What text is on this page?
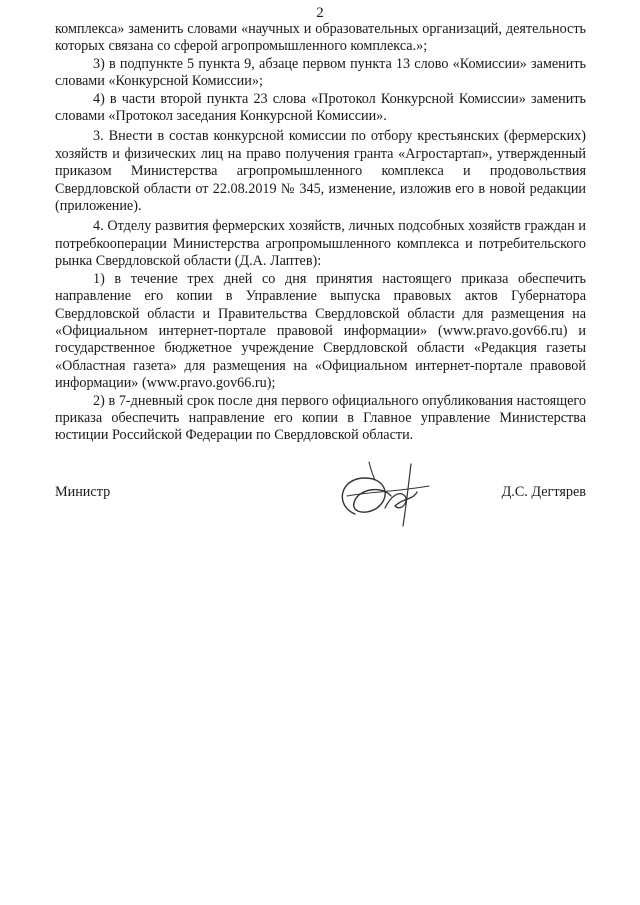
2

комплекса» заменить словами «научных и образовательных организаций, деятельность которых связана со сферой агропромышленного комплекса.»;

3) в подпункте 5 пункта 9, абзаце первом пункта 13 слово «Комиссии» заменить словами «Конкурсной Комиссии»;

4) в части второй пункта 23 слова «Протокол Конкурсной Комиссии» заменить словами «Протокол заседания Конкурсной Комиссии».

3. Внести в состав конкурсной комиссии по отбору крестьянских (фермерских) хозяйств и физических лиц на право получения гранта «Агростартап», утвержденный приказом Министерства агропромышленного комплекса и продовольствия Свердловской области от 22.08.2019 № 345, изменение, изложив его в новой редакции (приложение).

4. Отделу развития фермерских хозяйств, личных подсобных хозяйств граждан и потребкооперации Министерства агропромышленного комплекса и потребительского рынка Свердловской области (Д.А. Лаптев):

1) в течение трех дней со дня принятия настоящего приказа обеспечить направление его копии в Управление выпуска правовых актов Губернатора Свердловской области и Правительства Свердловской области для размещения на «Официальном интернет-портале правовой информации» (www.pravo.gov66.ru) и государственное бюджетное учреждение Свердловской области «Редакция газеты «Областная газета» для размещения на «Официальном интернет-портале правовой информации» (www.pravo.gov66.ru);

2) в 7-дневный срок после дня первого официального опубликования настоящего приказа обеспечить направление его копии в Главное управление Министерства юстиции Российской Федерации по Свердловской области.

Министр	Д.С. Дегтярев
